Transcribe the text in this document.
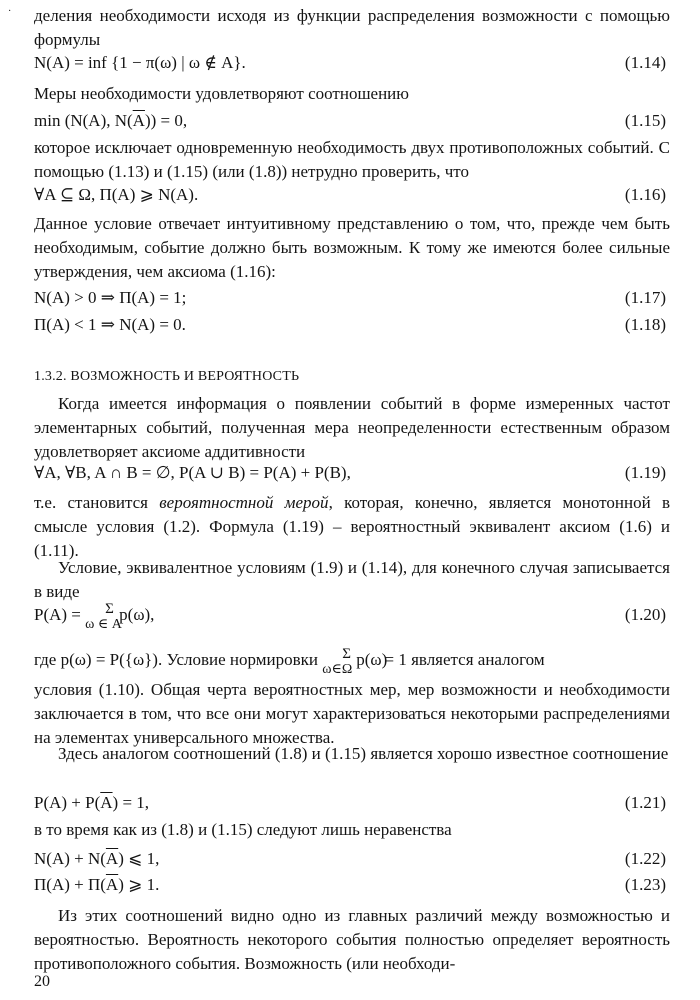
· деления необходимости исходя из функции распределения возможности с помощью формулы

N(A) = inf {1 − π(ω) | ω ∉ A}.	(1.14)

Меры необходимости удовлетворяют соотношению

min (N(A), $N(\overline{A})) = 0$,	(1.15)

которое исключает одновременную необходимость двух противоположных событий. С помощью (1.13) и (1.15) (или (1.8)) нетрудно проверить, что

∀A ⊆ Ω, Π(A) ⩾ N(A).	(1.16)

Данное условие отвечает интуитивному представлению о том, что, прежде чем быть необходимым, событие должно быть возможным. К тому же имеются более сильные утверждения, чем аксиома (1.16):

N(A) > 0 ⇒ Π(A) = 1;	(1.17)
Π(A) < 1 ⇒ N(A) = 0.	(1.18)
1.3.2. ВОЗМОЖНОСТЬ И ВЕРОЯТНОСТЬ

Когда имеется информация о появлении событий в форме измеренных частот элементарных событий, полученная мера неопределенности естественным образом удовлетворяет аксиоме аддитивности

∀A, ∀B, A ∩ B = ∅, P(A ∪ B) = P(A) + P(B),	(1.19)

т.е. становится вероятностной мерой, которая, конечно, является монотонной в смысле условия (1.2). Формула (1.19) – вероятностный эквивалент аксиом (1.6) и (1.11).

Условие, эквивалентное условиям (1.9) и (1.14), для конечного случая записывается в виде

P(A) = Σ
ω ∈ A
p(ω),	(1.20)

где p(ω) = P({ω}). Условие нормировки Σ
ω∈Ω
p(ω)
= 1 является аналогом

условия (1.10). Общая черта вероятностных мер, мер возможности и необходимости заключается в том, что все они могут характеризоваться некоторыми распределениями на элементах универсального множества.

Здесь аналогом соотношений (1.8) и (1.15) является хорошо известное соотношение

$P(A) + P(\overline{A}) = 1$,	(1.21)

в то время как из (1.8) и (1.15) следуют лишь неравенства

$N(A) + N(\overline{A})$ ⩽ 1,	(1.22)
$\Pi(A) + \Pi(\overline{A})$ ⩾ 1.	(1.23)

Из этих соотношений видно одно из главных различий между возможностью и вероятностью. Вероятность некоторого события полностью определяет вероятность противоположного события. Возможность (или необходи-

20
